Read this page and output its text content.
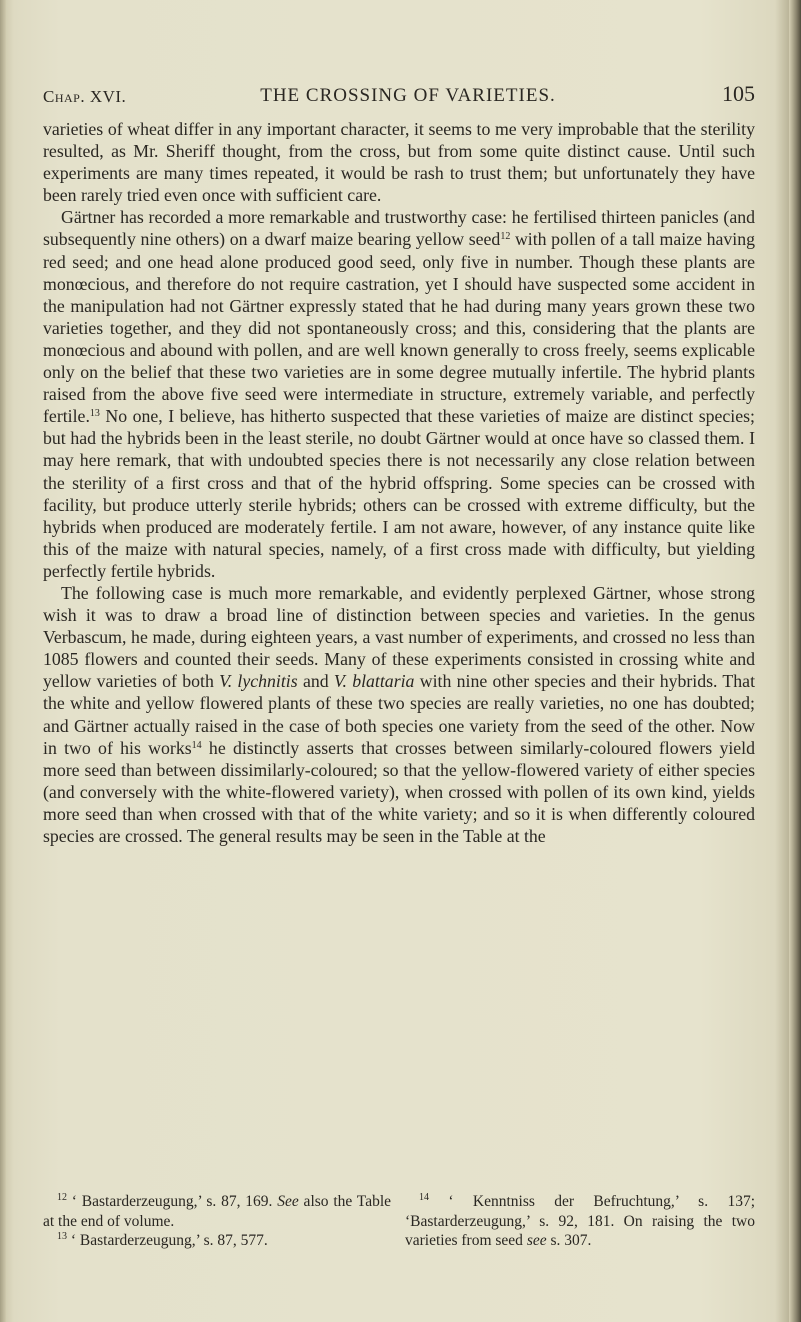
Chap. XVI.	THE CROSSING OF VARIETIES.	105

varieties of wheat differ in any important character, it seems to me very improbable that the sterility resulted, as Mr. Sheriff thought, from the cross, but from some quite distinct cause. Until such experiments are many times repeated, it would be rash to trust them; but unfortunately they have been rarely tried even once with sufficient care.

Gärtner has recorded a more remarkable and trustworthy case: he fertilised thirteen panicles (and subsequently nine others) on a dwarf maize bearing yellow seed$^{12}$ with pollen of a tall maize having red seed; and one head alone produced good seed, only five in number. Though these plants are monœcious, and therefore do not require castration, yet I should have suspected some accident in the manipulation had not Gärtner expressly stated that he had during many years grown these two varieties together, and they did not spontaneously cross; and this, considering that the plants are monœcious and abound with pollen, and are well known generally to cross freely, seems explicable only on the belief that these two varieties are in some degree mutually infertile. The hybrid plants raised from the above five seed were intermediate in structure, extremely variable, and perfectly fertile.$^{13}$ No one, I believe, has hitherto suspected that these varieties of maize are distinct species; but had the hybrids been in the least sterile, no doubt Gärtner would at once have so classed them. I may here remark, that with undoubted species there is not necessarily any close relation between the sterility of a first cross and that of the hybrid offspring. Some species can be crossed with facility, but produce utterly sterile hybrids; others can be crossed with extreme difficulty, but the hybrids when produced are moderately fertile. I am not aware, however, of any instance quite like this of the maize with natural species, namely, of a first cross made with difficulty, but yielding perfectly fertile hybrids.

The following case is much more remarkable, and evidently perplexed Gärtner, whose strong wish it was to draw a broad line of distinction between species and varieties. In the genus Verbascum, he made, during eighteen years, a vast number of experiments, and crossed no less than 1085 flowers and counted their seeds. Many of these experiments consisted in crossing white and yellow varieties of both V. lychnitis and V. blattaria with nine other species and their hybrids. That the white and yellow flowered plants of these two species are really varieties, no one has doubted; and Gärtner actually raised in the case of both species one variety from the seed of the other. Now in two of his works$^{14}$ he distinctly asserts that crosses between similarly-coloured flowers yield more seed than between dissimilarly-coloured; so that the yellow-flowered variety of either species (and conversely with the white-flowered variety), when crossed with pollen of its own kind, yields more seed than when crossed with that of the white variety; and so it is when differently coloured species are crossed. The general results may be seen in the Table at the

$^{12}$ ‘ Bastarderzeugung,’ s. 87, 169. See also the Table at the end of volume.

$^{13}$ ‘ Bastarderzeugung,’ s. 87, 577.

$^{14}$ ‘ Kenntniss der Befruchtung,’ s. 137; ‘Bastarderzeugung,’ s. 92, 181. On raising the two varieties from seed see s. 307.
